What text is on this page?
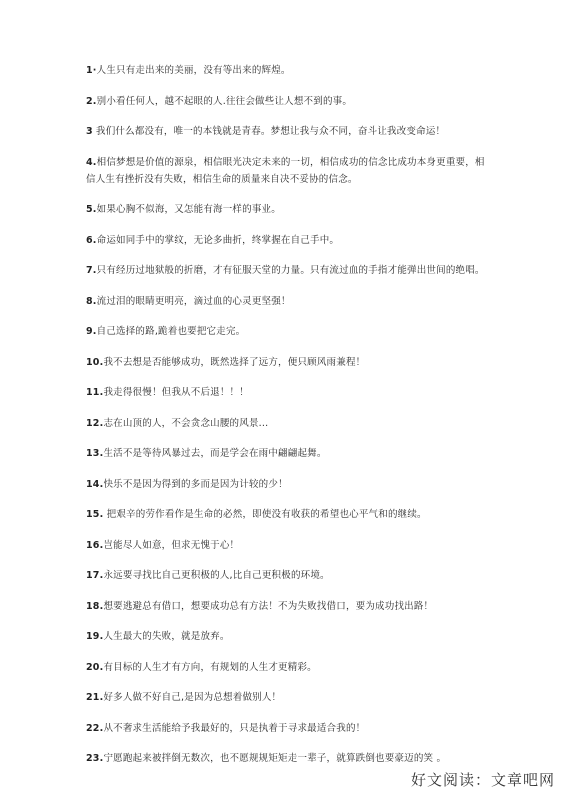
1·人生只有走出来的美丽，没有等出来的辉煌。
2.别小看任何人，越不起眼的人.往往会做些让人想不到的事。
3 我们什么都没有，唯一的本钱就是青春。梦想让我与众不同，奋斗让我改变命运！
4.相信梦想是价值的源泉，相信眼光决定未来的一切，相信成功的信念比成功本身更重要，相信人生有挫折没有失败，相信生命的质量来自决不妥协的信念。
5.如果心胸不似海，又怎能有海一样的事业。
6.命运如同手中的掌纹，无论多曲折，终掌握在自己手中。
7.只有经历过地狱般的折磨，才有征服天堂的力量。只有流过血的手指才能弹出世间的绝唱。
8.流过泪的眼睛更明亮，滴过血的心灵更坚强！
9.自己选择的路,跪着也要把它走完。
10.我不去想是否能够成功，既然选择了远方，便只顾风雨兼程！
11.我走得很慢！但我从不后退！！！
12.志在山顶的人，不会贪念山腰的风景...
13.生活不是等待风暴过去，而是学会在雨中翩翩起舞。
14.快乐不是因为得到的多而是因为计较的少！
15. 把艰辛的劳作看作是生命的必然，即使没有收获的希望也心平气和的继续。
16.岂能尽人如意，但求无愧于心！
17.永远要寻找比自己更积极的人,比自己更积极的环境。
18.想要逃避总有借口，想要成功总有方法！不为失败找借口，要为成功找出路！
19.人生最大的失败，就是放弃。
20.有目标的人生才有方向，有规划的人生才更精彩。
21.好多人做不好自己,是因为总想着做别人！
22.从不奢求生活能给予我最好的，只是执着于寻求最适合我的！
23.宁愿跑起来被拌倒无数次，也不愿规规矩矩走一辈子，就算跌倒也要豪迈的笑 。
好文阅读：文章吧网
